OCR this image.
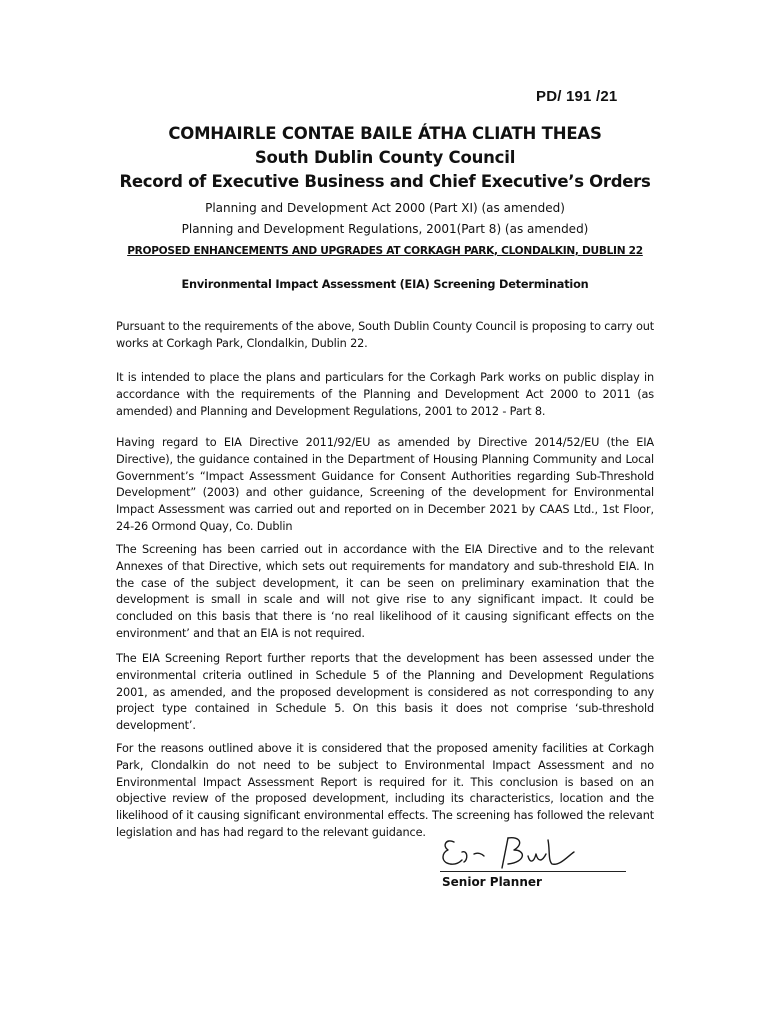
PD/ 191 /21
COMHAIRLE CONTAE BAILE ÁTHA CLIATH THEAS
South Dublin County Council
Record of Executive Business and Chief Executive’s Orders
Planning and Development Act 2000 (Part XI) (as amended)
Planning and Development Regulations, 2001(Part 8) (as amended)
PROPOSED ENHANCEMENTS AND UPGRADES AT CORKAGH PARK, CLONDALKIN, DUBLIN 22
Environmental Impact Assessment (EIA) Screening Determination

Pursuant to the requirements of the above, South Dublin County Council is proposing to carry out works at Corkagh Park, Clondalkin, Dublin 22.

It is intended to place the plans and particulars for the Corkagh Park works on public display in accordance with the requirements of the Planning and Development Act 2000 to 2011 (as amended) and Planning and Development Regulations, 2001 to 2012 - Part 8.

Having regard to EIA Directive 2011/92/EU as amended by Directive 2014/52/EU (the EIA Directive), the guidance contained in the Department of Housing Planning Community and Local Government’s “Impact Assessment Guidance for Consent Authorities regarding Sub-Threshold Development” (2003) and other guidance, Screening of the development for Environmental Impact Assessment was carried out and reported on in December 2021 by CAAS Ltd., 1st Floor, 24-26 Ormond Quay, Co. Dublin

The Screening has been carried out in accordance with the EIA Directive and to the relevant Annexes of that Directive, which sets out requirements for mandatory and sub-threshold EIA. In the case of the subject development, it can be seen on preliminary examination that the development is small in scale and will not give rise to any significant impact. It could be concluded on this basis that there is ‘no real likelihood of it causing significant effects on the environment’ and that an EIA is not required.

The EIA Screening Report further reports that the development has been assessed under the environmental criteria outlined in Schedule 5 of the Planning and Development Regulations 2001, as amended, and the proposed development is considered as not corresponding to any project type contained in Schedule 5. On this basis it does not comprise ‘sub-threshold development’.

For the reasons outlined above it is considered that the proposed amenity facilities at Corkagh Park, Clondalkin do not need to be subject to Environmental Impact Assessment and no Environmental Impact Assessment Report is required for it. This conclusion is based on an objective review of the proposed development, including its characteristics, location and the likelihood of it causing significant environmental effects. The screening has followed the relevant legislation and has had regard to the relevant guidance.

Senior Planner
